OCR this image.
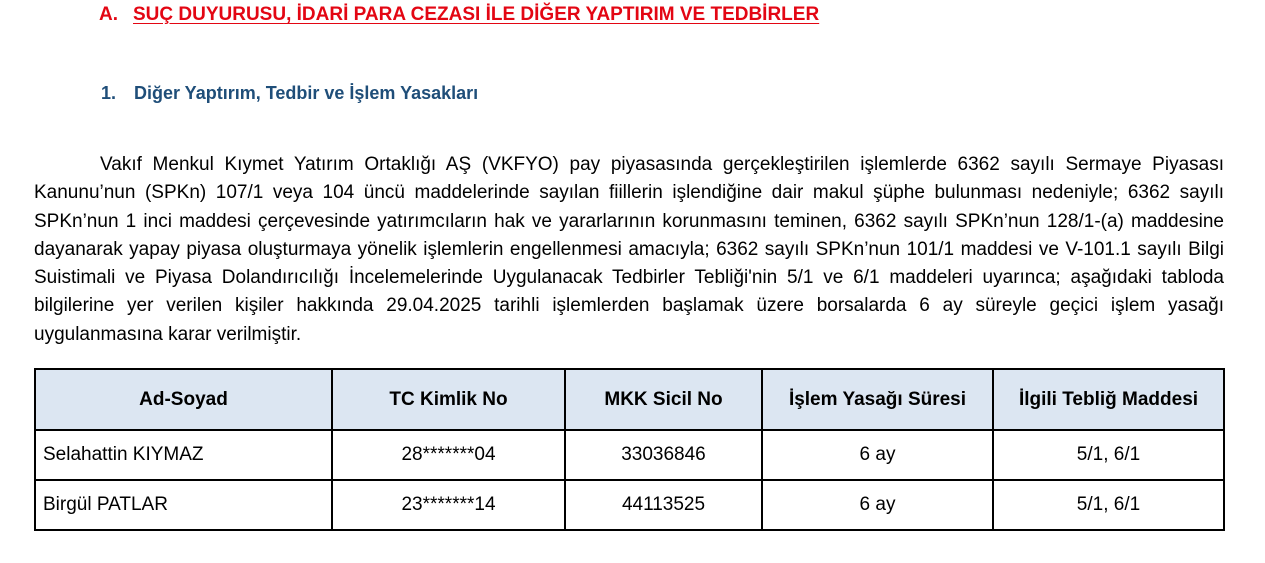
A. SUÇ DUYURUSU, İDARİ PARA CEZASI İLE DİĞER YAPTIRIM VE TEDBİRLER
1. Diğer Yaptırım, Tedbir ve İşlem Yasakları

Vakıf Menkul Kıymet Yatırım Ortaklığı AŞ (VKFYO) pay piyasasında gerçekleştirilen işlemlerde 6362 sayılı Sermaye Piyasası Kanunu’nun (SPKn) 107/1 veya 104 üncü maddelerinde sayılan fiillerin işlendiğine dair makul şüphe bulunması nedeniyle; 6362 sayılı SPKn’nun 1 inci maddesi çerçevesinde yatırımcıların hak ve yararlarının korunmasını teminen, 6362 sayılı SPKn’nun 128/1-(a) maddesine dayanarak yapay piyasa oluşturmaya yönelik işlemlerin engellenmesi amacıyla; 6362 sayılı SPKn’nun 101/1 maddesi ve V-101.1 sayılı Bilgi Suistimali ve Piyasa Dolandırıcılığı İncelemelerinde Uygulanacak Tedbirler Tebliği'nin 5/1 ve 6/1 maddeleri uyarınca; aşağıdaki tabloda bilgilerine yer verilen kişiler hakkında 29.04.2025 tarihli işlemlerden başlamak üzere borsalarda 6 ay süreyle geçici işlem yasağı uygulanmasına karar verilmiştir.

Ad-Soyad	TC Kimlik No	MKK Sicil No	İşlem Yasağı Süresi	İlgili Tebliğ Maddesi
Selahattin KIYMAZ	28*******04	33036846	6 ay	5/1, 6/1
Birgül PATLAR	23*******14	44113525	6 ay	5/1, 6/1
